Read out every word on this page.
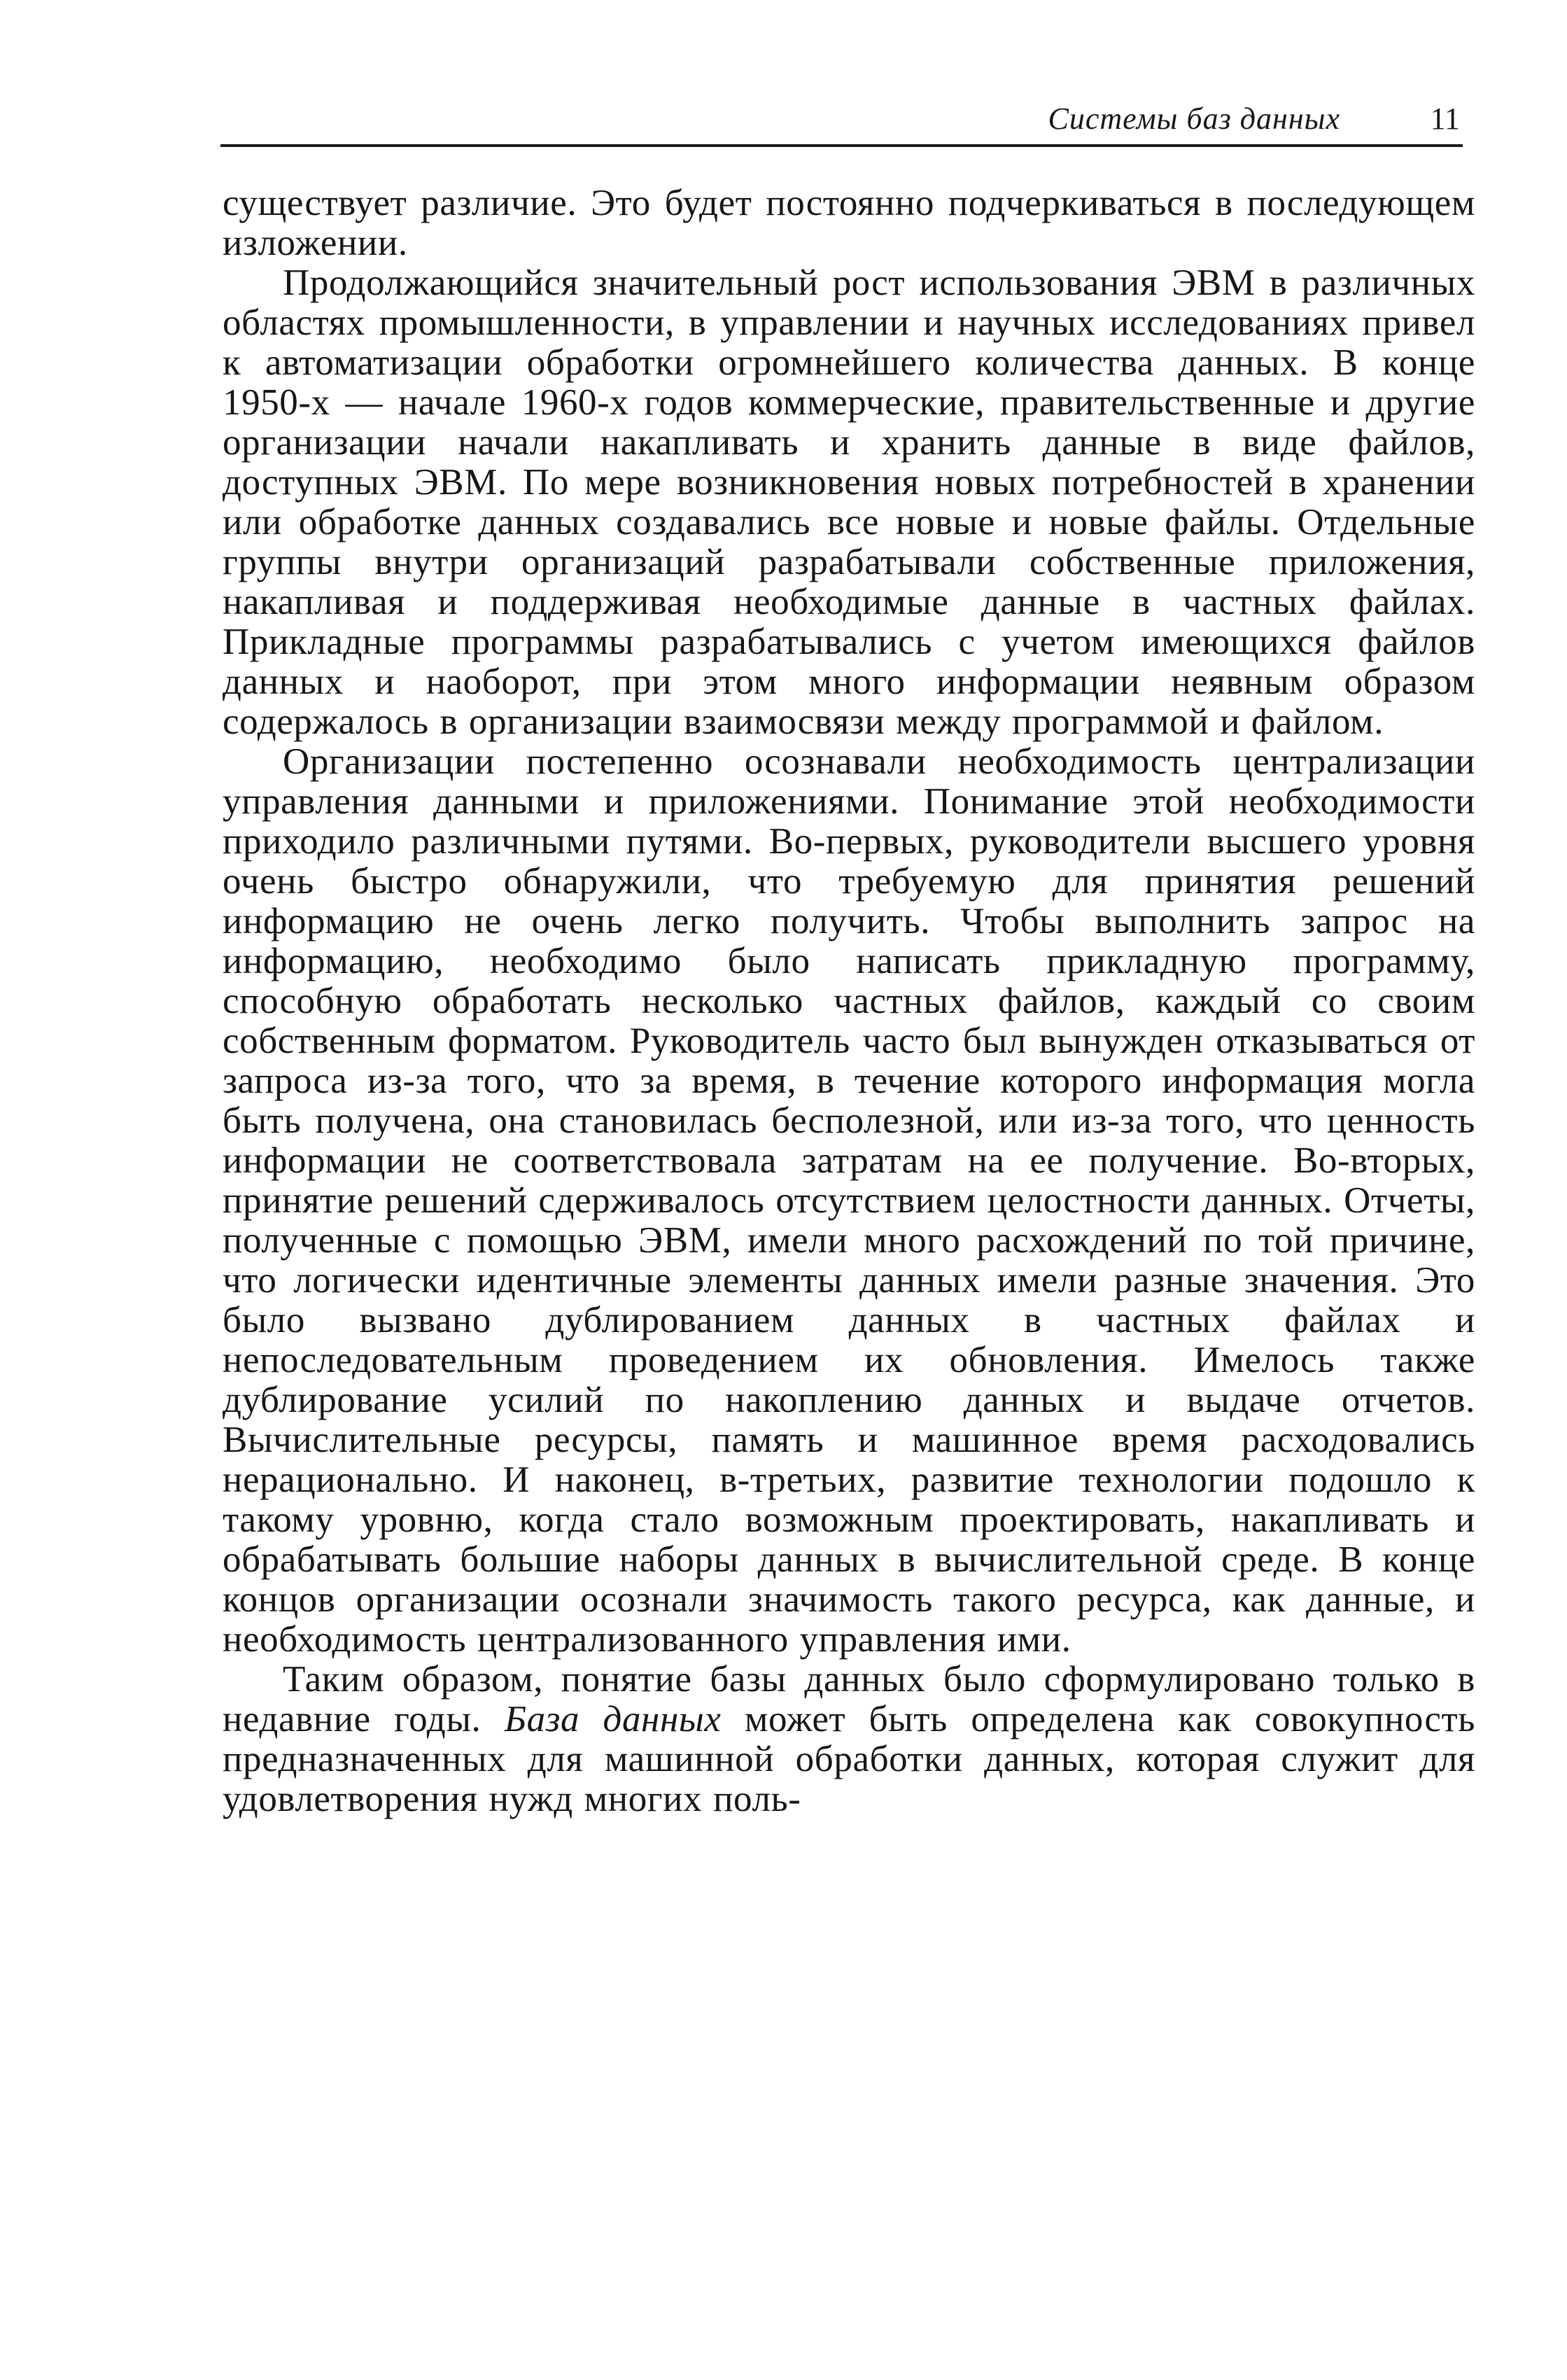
Системы баз данных	11

существует различие. Это будет постоянно подчеркиваться в последующем изложении.

Продолжающийся значительный рост использования ЭВМ в различных областях промышленности, в управлении и научных исследованиях привел к автоматизации обработки огромнейшего количества данных. В конце 1950-х — начале 1960-х годов коммерческие, правительственные и другие организации начали накапливать и хранить данные в виде файлов, доступных ЭВМ. По мере возникновения новых потребностей в хранении или обработке данных создавались все новые и новые файлы. Отдельные группы внутри организаций разрабатывали собственные приложения, накапливая и поддерживая необходимые данные в частных файлах. Прикладные программы разрабатывались с учетом имеющихся файлов данных и наоборот, при этом много информации неявным образом содержалось в организации взаимосвязи между программой и файлом.

Организации постепенно осознавали необходимость централизации управления данными и приложениями. Понимание этой необходимости приходило различными путями. Во-первых, руководители высшего уровня очень быстро обнаружили, что требуемую для принятия решений информацию не очень легко получить. Чтобы выполнить запрос на информацию, необходимо было написать прикладную программу, способную обработать несколько частных файлов, каждый со своим собственным форматом. Руководитель часто был вынужден отказываться от запроса из-за того, что за время, в течение которого информация могла быть получена, она становилась бесполезной, или из-за того, что ценность информации не соответствовала затратам на ее получение. Во-вторых, принятие решений сдерживалось отсутствием целостности данных. Отчеты, полученные с помощью ЭВМ, имели много расхождений по той причине, что логически идентичные элементы данных имели разные значения. Это было вызвано дублированием данных в частных файлах и непоследовательным проведением их обновления. Имелось также дублирование усилий по накоплению данных и выдаче отчетов. Вычислительные ресурсы, память и машинное время расходовались нерационально. И наконец, в-третьих, развитие технологии подошло к такому уровню, когда стало возможным проектировать, накапливать и обрабатывать большие наборы данных в вычислительной среде. В конце концов организации осознали значимость такого ресурса, как данные, и необходимость централизованного управления ими.

Таким образом, понятие базы данных было сформулировано только в недавние годы. База данных может быть определена как совокупность предназначенных для машинной обработки данных, которая служит для удовлетворения нужд многих поль-
